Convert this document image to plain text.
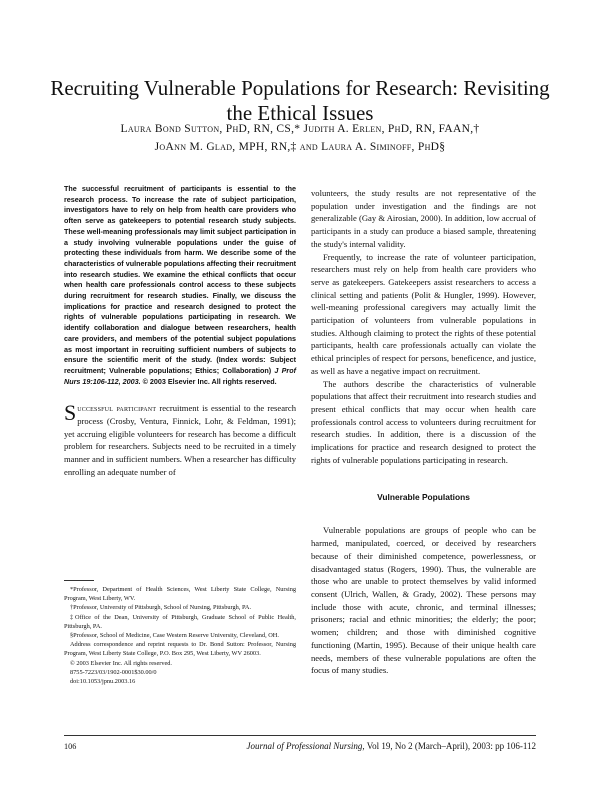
Recruiting Vulnerable Populations for Research: Revisiting the Ethical Issues
Laura Bond Sutton, PhD, RN, CS,* Judith A. Erlen, PhD, RN, FAAN,†
JoAnn M. Glad, MPH, RN,‡ and Laura A. Siminoff, PhD§

The successful recruitment of participants is essential to the research process. To increase the rate of subject participation, investigators have to rely on help from health care providers who often serve as gatekeepers to potential research study subjects. These well-meaning professionals may limit subject participation in a study involving vulnerable populations under the guise of protecting these individuals from harm. We describe some of the characteristics of vulnerable populations affecting their recruitment into research studies. We examine the ethical conflicts that occur when health care professionals control access to these subjects during recruitment for research studies. Finally, we discuss the implications for practice and research designed to protect the rights of vulnerable populations participating in research. We identify collaboration and dialogue between researchers, health care providers, and members of the potential subject populations as most important in recruiting sufficient numbers of subjects to ensure the scientific merit of the study. (Index words: Subject recruitment; Vulnerable populations; Ethics; Collaboration) J Prof Nurs 19:106-112, 2003. © 2003 Elsevier Inc. All rights reserved.

Successful participant recruitment is essential to the research process (Crosby, Ventura, Finnick, Lohr, & Feldman, 1991); yet accruing eligible volunteers for research has become a difficult problem for researchers. Subjects need to be recruited in a timely manner and in sufficient numbers. When a researcher has difficulty enrolling an adequate number of

*Professor, Department of Health Sciences, West Liberty State College, Nursing Program, West Liberty, WV.

†Professor, University of Pittsburgh, School of Nursing, Pittsburgh, PA.

‡Office of the Dean, University of Pittsburgh, Graduate School of Public Health, Pittsburgh, PA.

§Professor, School of Medicine, Case Western Reserve University, Cleveland, OH.

Address correspondence and reprint requests to Dr. Bond Sutton: Professor, Nursing Program, West Liberty State College, P.O. Box 295, West Liberty, WV 26003.

© 2003 Elsevier Inc. All rights reserved.

8755-7223/03/1902-0001$30.00/0

doi:10.1053/jpnu.2003.16

volunteers, the study results are not representative of the population under investigation and the findings are not generalizable (Gay & Airosian, 2000). In addition, low accrual of participants in a study can produce a biased sample, threatening the study's internal validity.

Frequently, to increase the rate of volunteer participation, researchers must rely on help from health care providers who serve as gatekeepers. Gatekeepers assist researchers to access a clinical setting and patients (Polit & Hungler, 1999). However, well-meaning professional caregivers may actually limit the participation of volunteers from vulnerable populations in studies. Although claiming to protect the rights of these potential participants, health care professionals actually can violate the ethical principles of respect for persons, beneficence, and justice, as well as have a negative impact on recruitment.

The authors describe the characteristics of vulnerable populations that affect their recruitment into research studies and present ethical conflicts that may occur when health care professionals control access to volunteers during recruitment for research studies. In addition, there is a discussion of the implications for practice and research designed to protect the rights of vulnerable populations participating in research.

Vulnerable Populations

Vulnerable populations are groups of people who can be harmed, manipulated, coerced, or deceived by researchers because of their diminished competence, powerlessness, or disadvantaged status (Rogers, 1990). Thus, the vulnerable are those who are unable to protect themselves by valid informed consent (Ulrich, Wallen, & Grady, 2002). These persons may include those with acute, chronic, and terminal illnesses; prisoners; racial and ethnic minorities; the elderly; the poor; women; children; and those with diminished cognitive functioning (Martin, 1995). Because of their unique health care needs, members of these vulnerable populations are often the focus of many studies.

106	Journal of Professional Nursing, Vol 19, No 2 (March–April), 2003: pp 106-112
